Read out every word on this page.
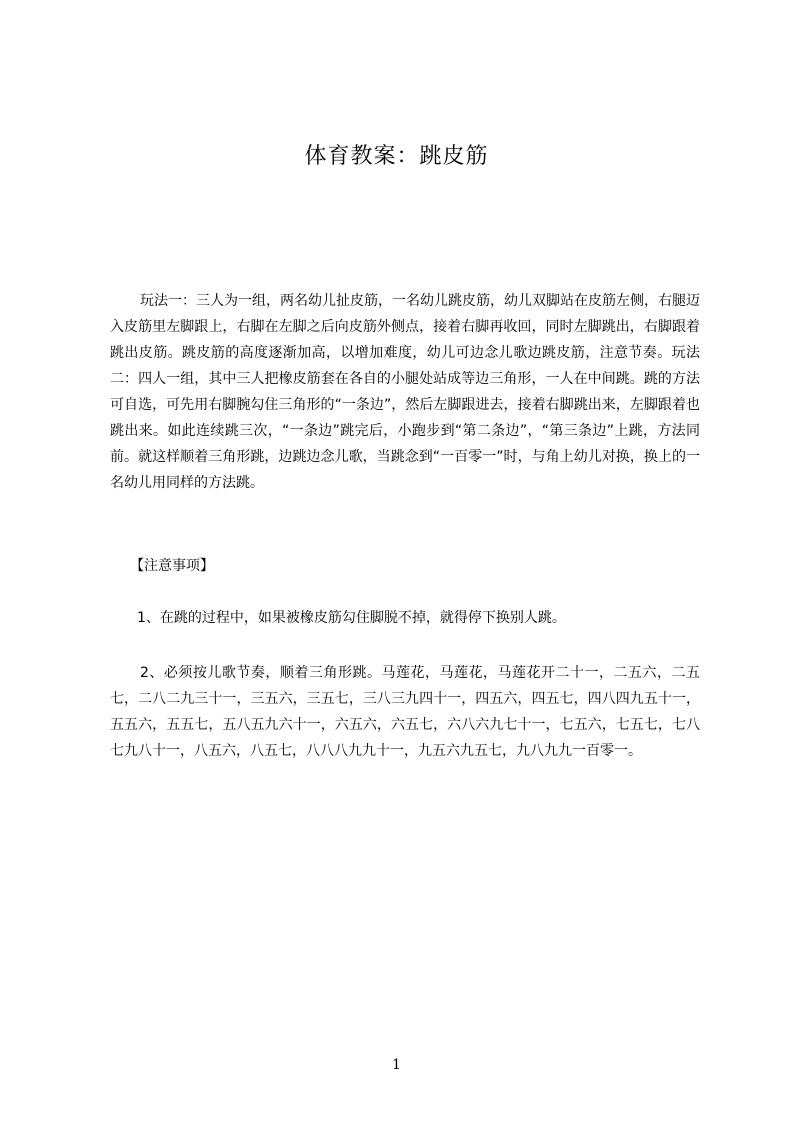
体育教案：跳皮筋
玩法一：三人为一组，两名幼儿扯皮筋，一名幼儿跳皮筋，幼儿双脚站在皮筋左侧，右腿迈入皮筋里左脚跟上，右脚在左脚之后向皮筋外侧点，接着右脚再收回，同时左脚跳出，右脚跟着跳出皮筋。跳皮筋的高度逐渐加高，以增加难度，幼儿可边念儿歌边跳皮筋，注意节奏。玩法二：四人一组，其中三人把橡皮筋套在各自的小腿处站成等边三角形，一人在中间跳。跳的方法可自选，可先用右脚腕勾住三角形的“一条边”，然后左脚跟进去，接着右脚跳出来，左脚跟着也跳出来。如此连续跳三次，“一条边”跳完后，小跑步到“第二条边”，“第三条边”上跳，方法同前。就这样顺着三角形跳，边跳边念儿歌，当跳念到“一百零一”时，与角上幼儿对换，换上的一名幼儿用同样的方法跳。
【注意事项】
1、在跳的过程中，如果被橡皮筋勾住脚脱不掉，就得停下换别人跳。
2、必须按儿歌节奏，顺着三角形跳。马莲花，马莲花，马莲花开二十一，二五六，二五七，二八二九三十一，三五六，三五七，三八三九四十一，四五六，四五七，四八四九五十一，五五六，五五七，五八五九六十一，六五六，六五七，六八六九七十一，七五六，七五七，七八七九八十一，八五六，八五七，八八八九九十一，九五六九五七，九八九九一百零一。
1
